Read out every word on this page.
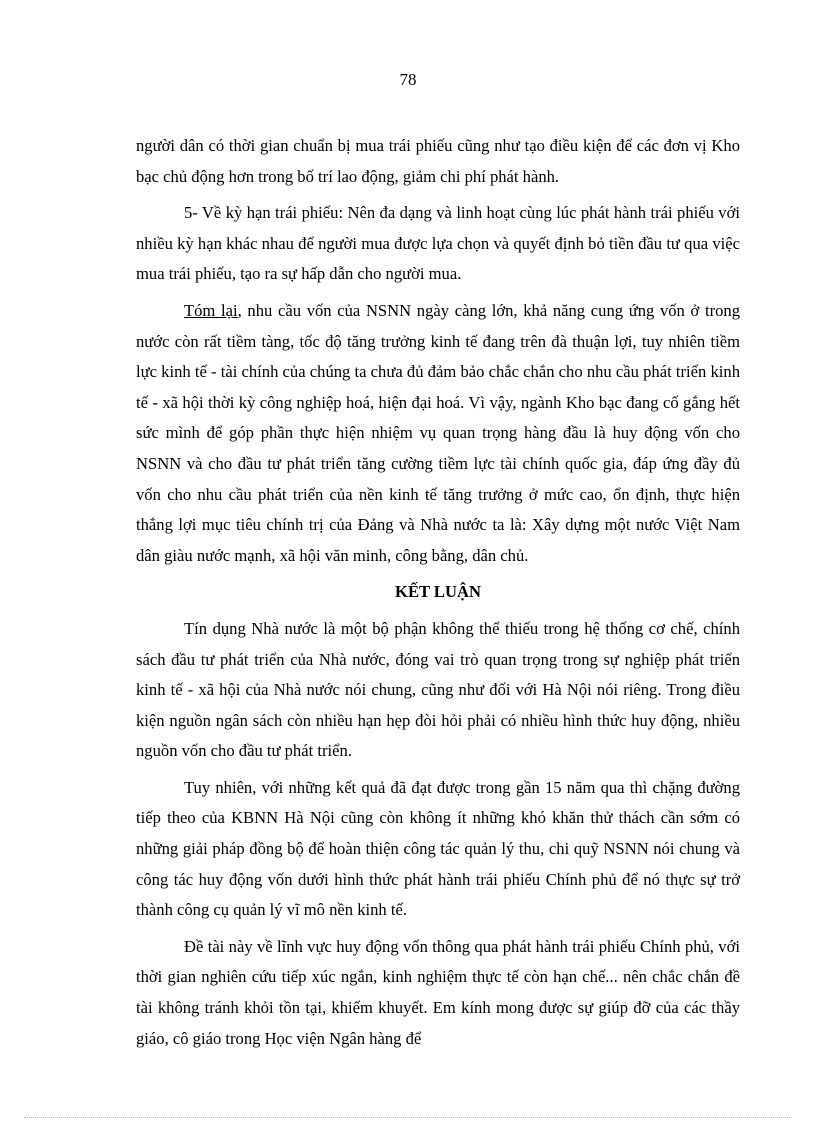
78

người dân có thời gian chuẩn bị mua trái phiếu cũng như tạo điều kiện để các đơn vị Kho bạc chủ động hơn trong bố trí lao động, giảm chi phí phát hành.

5- Về kỳ hạn trái phiếu: Nên đa dạng và linh hoạt cùng lúc phát hành trái phiếu với nhiều kỳ hạn khác nhau để người mua được lựa chọn và quyết định bỏ tiền đầu tư qua việc mua trái phiếu, tạo ra sự hấp dẫn cho người mua.

Tóm lại, nhu cầu vốn của NSNN ngày càng lớn, khả năng cung ứng vốn ở trong nước còn rất tiềm tàng, tốc độ tăng trưởng kinh tế đang trên đà thuận lợi, tuy nhiên tiềm lực kinh tế - tài chính của chúng ta chưa đủ đảm bảo chắc chắn cho nhu cầu phát triển kinh tế - xã hội thời kỳ công nghiệp hoá, hiện đại hoá. Vì vậy, ngành Kho bạc đang cố gắng hết sức mình để góp phần thực hiện nhiệm vụ quan trọng hàng đầu là huy động vốn cho NSNN và cho đầu tư phát triển tăng cường tiềm lực tài chính quốc gia, đáp ứng đầy đủ vốn cho nhu cầu phát triển của nền kinh tế tăng trưởng ở mức cao, ổn định, thực hiện thắng lợi mục tiêu chính trị của Đảng và Nhà nước ta là: Xây dựng một nước Việt Nam dân giàu nước mạnh, xã hội văn minh, công bằng, dân chủ.

KẾT LUẬN

Tín dụng Nhà nước là một bộ phận không thể thiếu trong hệ thống cơ chế, chính sách đầu tư phát triển của Nhà nước, đóng vai trò quan trọng trong sự nghiệp phát triển kinh tế - xã hội của Nhà nước nói chung, cũng như đối với Hà Nội nói riêng. Trong điều kiện nguồn ngân sách còn nhiều hạn hẹp đòi hỏi phải có nhiều hình thức huy động, nhiều nguồn vốn cho đầu tư phát triển.

Tuy nhiên, với những kết quả đã đạt được trong gần 15 năm qua thì chặng đường tiếp theo của KBNN Hà Nội cũng còn không ít những khó khăn thử thách cần sớm có những giải pháp đồng bộ để hoàn thiện công tác quản lý thu, chi quỹ NSNN nói chung và công tác huy động vốn dưới hình thức phát hành trái phiếu Chính phủ để nó thực sự trở thành công cụ quản lý vĩ mô nền kinh tế.

Đề tài này về lĩnh vực huy động vốn thông qua phát hành trái phiếu Chính phủ, với thời gian nghiên cứu tiếp xúc ngắn, kinh nghiệm thực tế còn hạn chế... nên chắc chắn đề tài không tránh khỏi tồn tại, khiếm khuyết. Em kính mong được sự giúp đỡ của các thầy giáo, cô giáo trong Học viện Ngân hàng để
